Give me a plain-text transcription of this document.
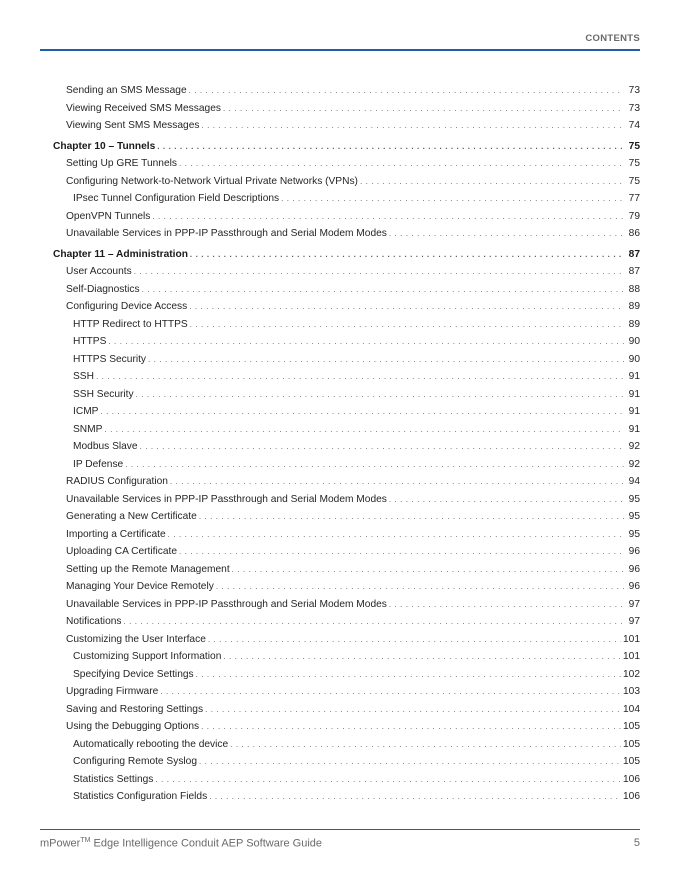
CONTENTS
Sending an SMS Message . . .	73
Viewing Received SMS Messages . . .	73
Viewing Sent SMS Messages . . .	74
Chapter 10 – Tunnels . . .	75
Setting Up GRE Tunnels . . .	75
Configuring Network-to-Network Virtual Private Networks (VPNs) . . .	75
IPsec Tunnel Configuration Field Descriptions . . .	77
OpenVPN Tunnels . . .	79
Unavailable Services in PPP-IP Passthrough and Serial Modem Modes . . .	86
Chapter 11 – Administration . . .	87
User Accounts . . .	87
Self-Diagnostics . . .	88
Configuring Device Access . . .	89
HTTP Redirect to HTTPS . . .	89
HTTPS . . .	90
HTTPS Security . . .	90
SSH . . .	91
SSH Security . . .	91
ICMP . . .	91
SNMP . . .	91
Modbus Slave . . .	92
IP Defense . . .	92
RADIUS Configuration . . .	94
Unavailable Services in PPP-IP Passthrough and Serial Modem Modes . . .	95
Generating a New Certificate . . .	95
Importing a Certificate . . .	95
Uploading CA Certificate . . .	96
Setting up the Remote Management . . .	96
Managing Your Device Remotely . . .	96
Unavailable Services in PPP-IP Passthrough and Serial Modem Modes . . .	97
Notifications . . .	97
Customizing the User Interface . . .	101
Customizing Support Information . . .	101
Specifying Device Settings . . .	102
Upgrading Firmware . . .	103
Saving and Restoring Settings . . .	104
Using the Debugging Options . . .	105
Automatically rebooting the device . . .	105
Configuring Remote Syslog . . .	105
Statistics Settings . . .	106
Statistics Configuration Fields . . .	106
mPower™ Edge Intelligence Conduit AEP Software Guide	5
